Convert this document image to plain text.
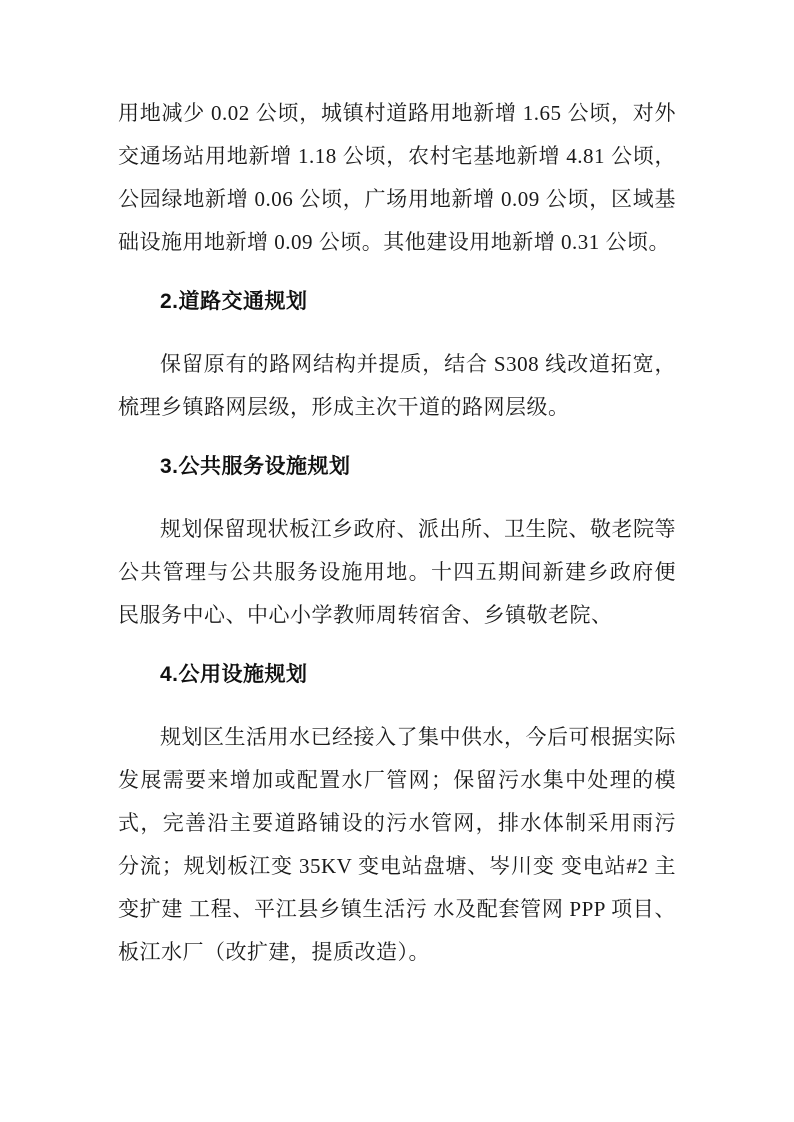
用地减少 0.02 公顷，城镇村道路用地新增 1.65 公顷，对外交通场站用地新增 1.18 公顷，农村宅基地新增 4.81 公顷，公园绿地新增 0.06 公顷，广场用地新增 0.09 公顷，区域基础设施用地新增 0.09 公顷。其他建设用地新增 0.31 公顷。

2.道路交通规划

保留原有的路网结构并提质，结合 S308 线改道拓宽，梳理乡镇路网层级，形成主次干道的路网层级。

3.公共服务设施规划

规划保留现状板江乡政府、派出所、卫生院、敬老院等公共管理与公共服务设施用地。十四五期间新建乡政府便民服务中心、中心小学教师周转宿舍、乡镇敬老院、

4.公用设施规划

规划区生活用水已经接入了集中供水，今后可根据实际发展需要来增加或配置水厂管网；保留污水集中处理的模式，完善沿主要道路铺设的污水管网，排水体制采用雨污分流；规划板江变 35KV 变电站盘塘、岑川变 变电站#2 主变扩建 工程、平江县乡镇生活污 水及配套管网 PPP 项目、板江水厂（改扩建，提质改造）。
